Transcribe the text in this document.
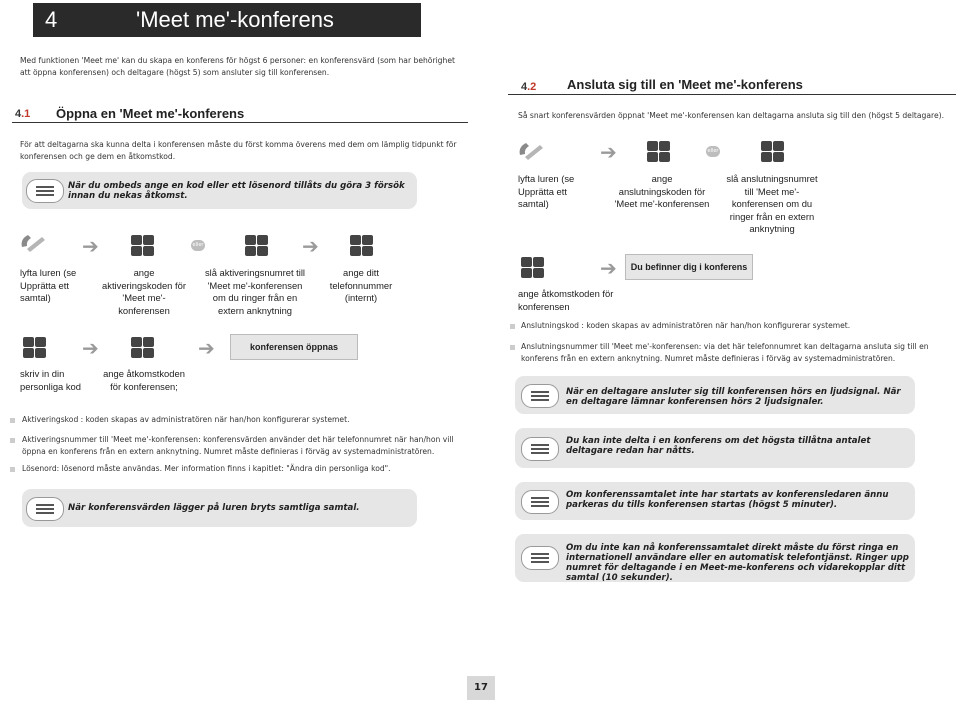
4	'Meet me'-konferens
Med funktionen 'Meet me' kan du skapa en konferens för högst 6 personer: en konferensvärd (som har behörighet att öppna konferensen) och deltagare (högst 5) som ansluter sig till konferensen.
4.1 Öppna en 'Meet me'-konferens
För att deltagarna ska kunna delta i konferensen måste du först komma överens med dem om lämplig tidpunkt för konferensen och ge dem en åtkomstkod.
När du ombeds ange en kod eller ett lösenord tillåts du göra 3 försök innan du nekas åtkomst.
➔	eller	➔
lyfta luren (se Upprätta ett samtal)
ange aktiveringskoden för 'Meet me'-konferensen
slå aktiveringsnumret till 'Meet me'-konferensen om du ringer från en extern anknytning
ange ditt telefonnummer (internt)
➔	➔	konferensen öppnas
skriv in din personliga kod
ange åtkomstkoden för konferensen;
Aktiveringskod : koden skapas av administratören när han/hon konfigurerar systemet.
Aktiveringsnummer till 'Meet me'-konferensen: konferensvärden använder det här telefonnumret när han/hon vill öppna en konferens från en extern anknytning. Numret måste definieras i förväg av systemadministratören.
Lösenord: lösenord måste användas. Mer information finns i kapitlet: "Ändra din personliga kod".
När konferensvärden lägger på luren bryts samtliga samtal.
4.2 Ansluta sig till en 'Meet me'-konferens
Så snart konferensvärden öppnat 'Meet me'-konferensen kan deltagarna ansluta sig till den (högst 5 deltagare).
➔	eller
lyfta luren (se Upprätta ett samtal)
ange anslutningskoden för 'Meet me'-konferensen
slå anslutningsnumret till 'Meet me'-konferensen om du ringer från en extern anknytning
➔	Du befinner dig i konferens
ange åtkomstkoden för konferensen
Anslutningskod : koden skapas av administratören när han/hon konfigurerar systemet.
Anslutningsnummer till 'Meet me'-konferensen: via det här telefonnumret kan deltagarna ansluta sig till en konferens från en extern anknytning. Numret måste definieras i förväg av systemadministratören.
När en deltagare ansluter sig till konferensen hörs en ljudsignal. När en deltagare lämnar konferensen hörs 2 ljudsignaler.
Du kan inte delta i en konferens om det högsta tillåtna antalet deltagare redan har nåtts.
Om konferenssamtalet inte har startats av konferensledaren ännu parkeras du tills konferensen startas (högst 5 minuter).
Om du inte kan nå konferenssamtalet direkt måste du först ringa en internationell användare eller en automatisk telefontjänst. Ringer upp numret för deltagande i en Meet-me-konferens och vidarekopplar ditt samtal (10 sekunder).
17
